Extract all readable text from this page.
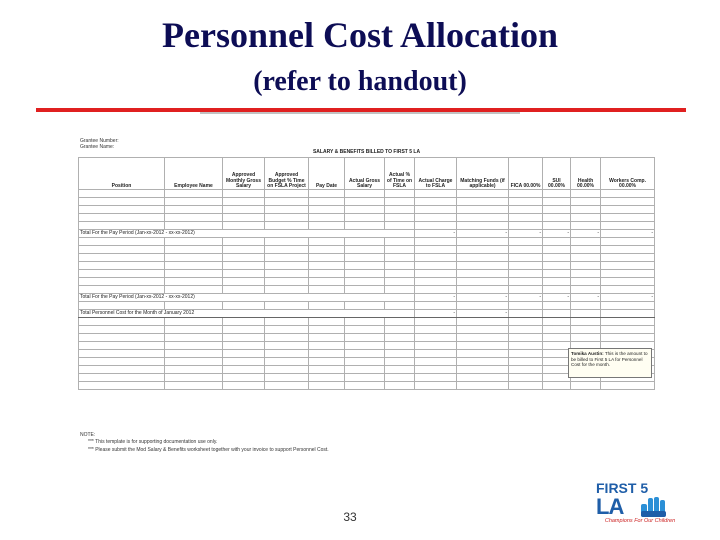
Personnel Cost Allocation
(refer to handout)
Grantee Number:
Grantee Name:
SALARY & BENEFITS BILLED TO FIRST 5 LA												
Position	Employee Name	Approved Monthly Gross Salary	Approved Budget % Time on FSLA Project	Pay Date	Actual Gross Salary	Actual % of Time on FSLA	Actual Charge to FSLA	Matching Funds (if applicable)	FICA 00.00%	SUI 00.00%	Health 00.00%	Workers Comp. 00.00%

Total For the Pay Period (Jan-xx-2012 - xx-xx-2012)							-	-	-	-	-	-

Total For the Pay Period (Jan-xx-2012 - xx-xx-2012)							-	-	-	-	-	-

Total Personnel Cost for the Month of January 2012							-	-				

Tomika Austin: This is the amount to be billed to First 5 LA for Personnel Cost for the month.
NOTE:
*** This template is for supporting documentation use only.
*** Please submit the Mod Salary & Benefits worksheet together with your invoice to support Personnel Cost.
33
FIRST 5
LA
Champions For Our Children
